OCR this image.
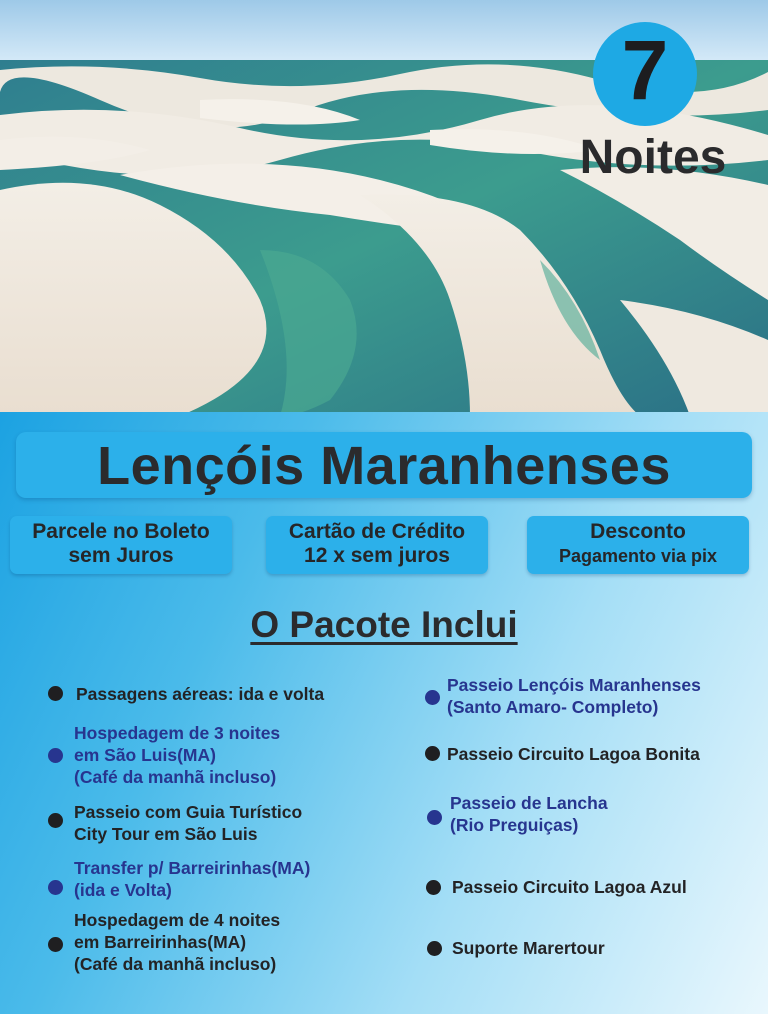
7
Noites
Lençóis Maranhenses
Parcele no Boleto
sem Juros
Cartão de Crédito
12 x sem juros
Desconto
Pagamento via pix
O Pacote Inclui
Passagens aéreas: ida e volta
Hospedagem de 3 noites
em São Luis(MA)
(Café da manhã incluso)
Passeio com Guia Turístico
City Tour em São Luis
Transfer p/ Barreirinhas(MA)
(ida e Volta)
Hospedagem de 4 noites
em Barreirinhas(MA)
(Café da manhã incluso)
Passeio Lençóis Maranhenses
(Santo Amaro- Completo)
Passeio Circuito Lagoa Bonita
Passeio de Lancha
(Rio Preguiças)
Passeio Circuito Lagoa Azul
Suporte Marertour
